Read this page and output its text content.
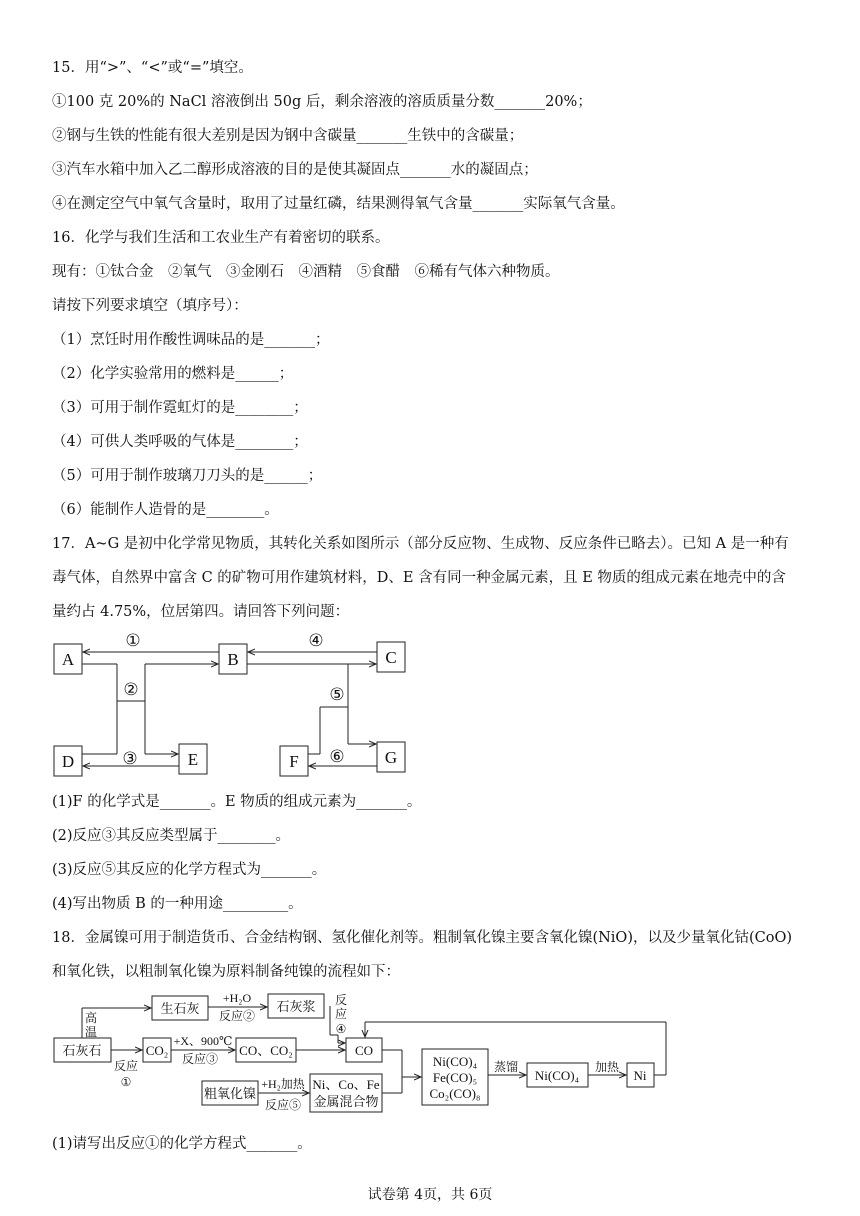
15．用“>”、“<”或“=”填空。
①100 克 20%的 NaCl 溶液倒出 50g 后，剩余溶液的溶质质量分数_______20%；
②钢与生铁的性能有很大差别是因为钢中含碳量_______生铁中的含碳量；
③汽车水箱中加入乙二醇形成溶液的目的是使其凝固点_______水的凝固点；
④在测定空气中氧气含量时，取用了过量红磷，结果测得氧气含量_______实际氧气含量。
16．化学与我们生活和工农业生产有着密切的联系。
现有：①钛合金　②氧气　③金刚石　④酒精　⑤食醋　⑥稀有气体六种物质。
请按下列要求填空（填序号）：
（1）烹饪时用作酸性调味品的是_______；
（2）化学实验常用的燃料是______；
（3）可用于制作霓虹灯的是________；
（4）可供人类呼吸的气体是________；
（5）可用于制作玻璃刀刀头的是______；
（6）能制作人造骨的是________。
17．A~G 是初中化学常见物质，其转化关系如图所示（部分反应物、生成物、反应条件已略去）。已知 A 是一种有
毒气体，自然界中富含 C 的矿物可用作建筑材料，D、E 含有同一种金属元素，且 E 物质的组成元素在地壳中的含
量约占 4.75%，位居第四。请回答下列问题：
A	B	C
D	E	F	G
①
②
③
④
⑤
⑥
(1)F 的化学式是_______。E 物质的组成元素为_______。
(2)反应③其反应类型属于________。
(3)反应⑤其反应的化学方程式为_______。
(4)写出物质 B 的一种用途_________。
18．金属镍可用于制造货币、合金结构钢、氢化催化剂等。粗制氧化镍主要含氧化镍(NiO)，以及少量氧化钴(CoO)
和氧化铁，以粗制氧化镍为原料制备纯镍的流程如下：
石灰石
生石灰	石灰浆
CO₂	CO、CO₂	CO
Ni(CO)₄
Fe(CO)₅
Co₂(CO)₈
Ni(CO)₄	Ni
粗氧化镍
Ni、Co、Fe
金属混合物
高
温
反应
①
+H₂O
反应②
反
应
④
+X、900℃
反应③
+H₂加热
反应⑤
蒸馏	加热
(1)请写出反应①的化学方程式_______。
试卷第 4页，共 6页
